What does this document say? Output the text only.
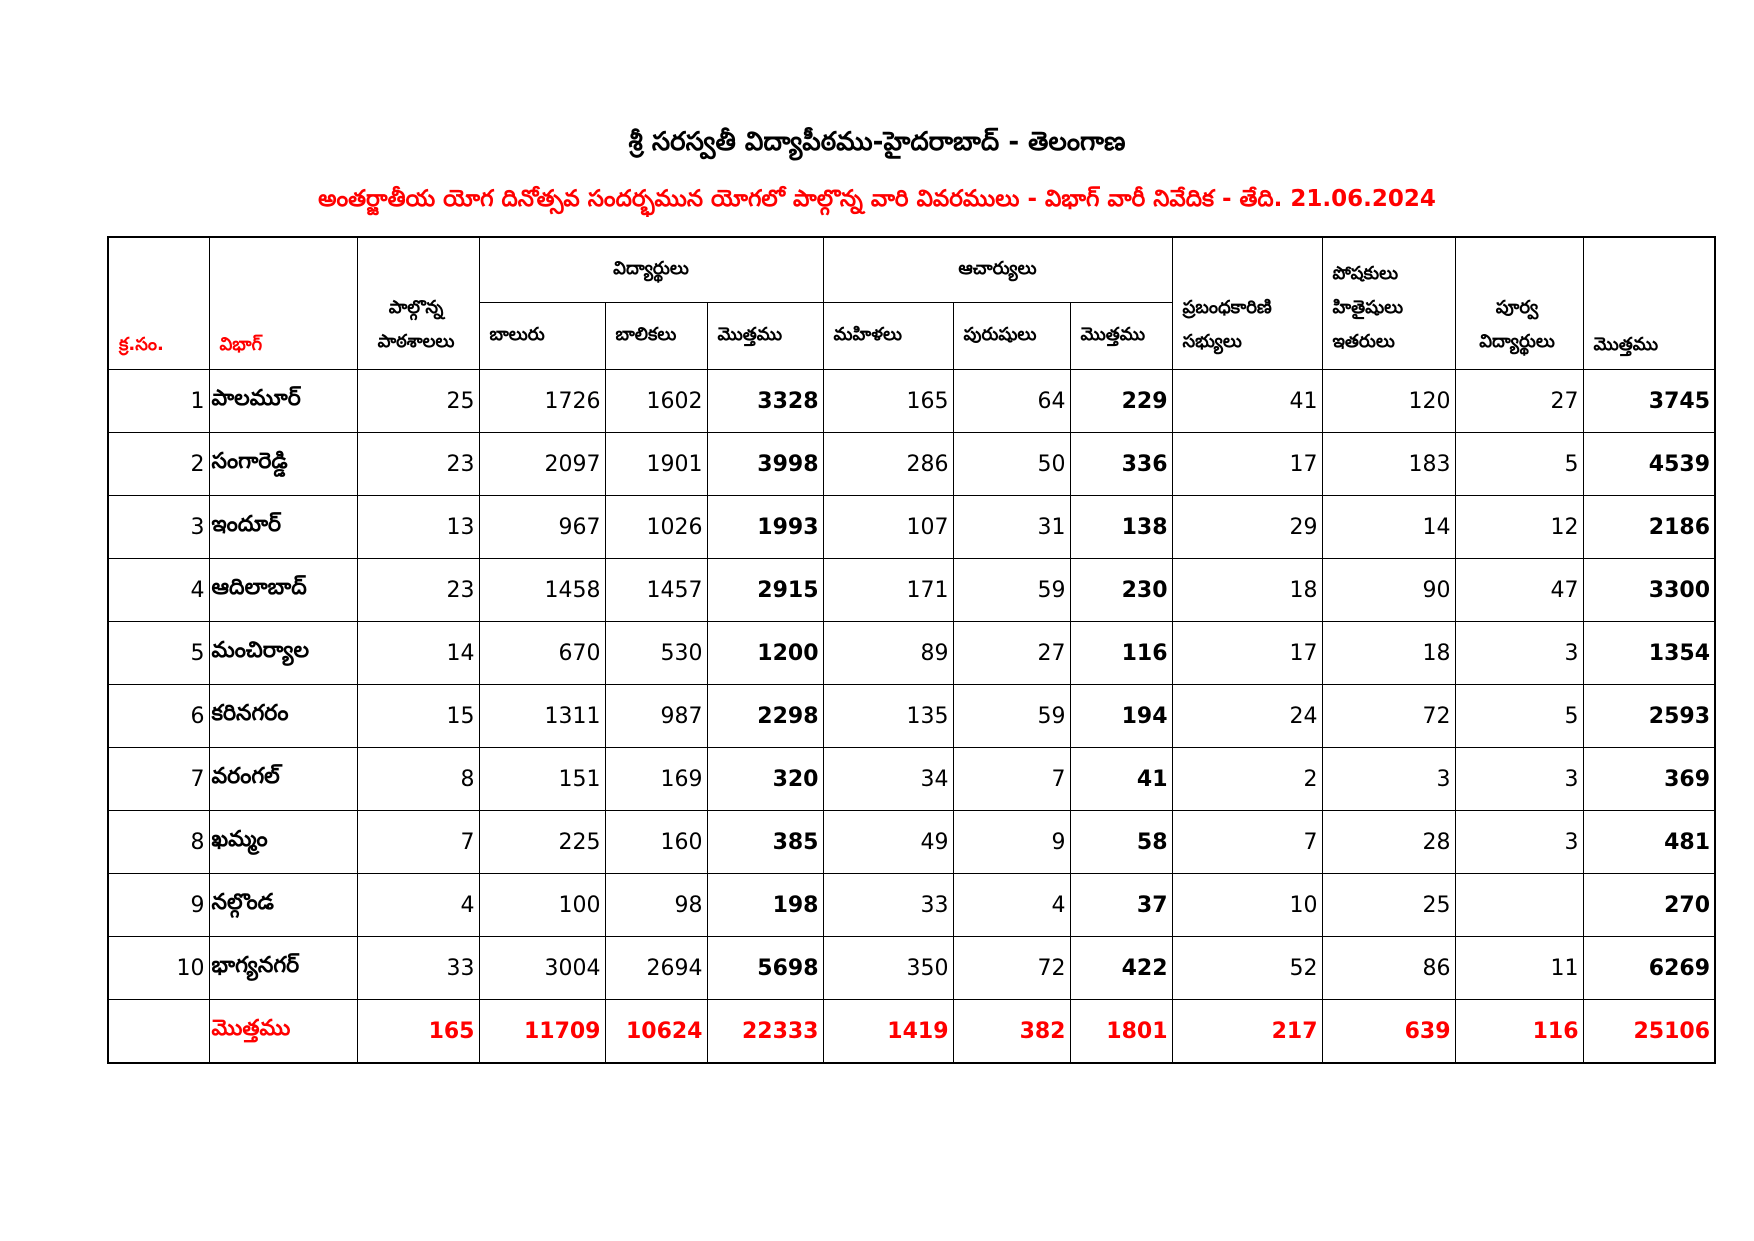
శ్రీ సరస్వతీ విద్యాపీఠము-హైదరాబాద్ - తెలంగాణ
అంతర్జాతీయ యోగ దినోత్సవ సందర్భమున యోగలో పాల్గొన్న వారి వివరములు - విభాగ్ వారీ నివేదిక - తేది. 21.06.2024
క్ర.సం.	విభాగ్	పాల్గొన్న పాఠశాలలు	విద్యార్థులు			ఆచార్యులు			ప్రబంధకారిణి సభ్యులు	పోషకులు హితైషులు ఇతరులు	పూర్వ విద్యార్థులు	మొత్తము
			బాలురు	బాలికలు	మొత్తము	మహిళలు	పురుషులు	మొత్తము				
1	పాలమూర్	25	1726	1602	3328	165	64	229	41	120	27	3745
2	సంగారెడ్డి	23	2097	1901	3998	286	50	336	17	183	5	4539
3	ఇందూర్	13	967	1026	1993	107	31	138	29	14	12	2186
4	ఆదిలాబాద్	23	1458	1457	2915	171	59	230	18	90	47	3300
5	మంచిర్యాల	14	670	530	1200	89	27	116	17	18	3	1354
6	కరినగరం	15	1311	987	2298	135	59	194	24	72	5	2593
7	వరంగల్	8	151	169	320	34	7	41	2	3	3	369
8	ఖమ్మం	7	225	160	385	49	9	58	7	28	3	481
9	నల్గొండ	4	100	98	198	33	4	37	10	25		270
10	భాగ్యనగర్	33	3004	2694	5698	350	72	422	52	86	11	6269
	మొత్తము	165	11709	10624	22333	1419	382	1801	217	639	116	25106
